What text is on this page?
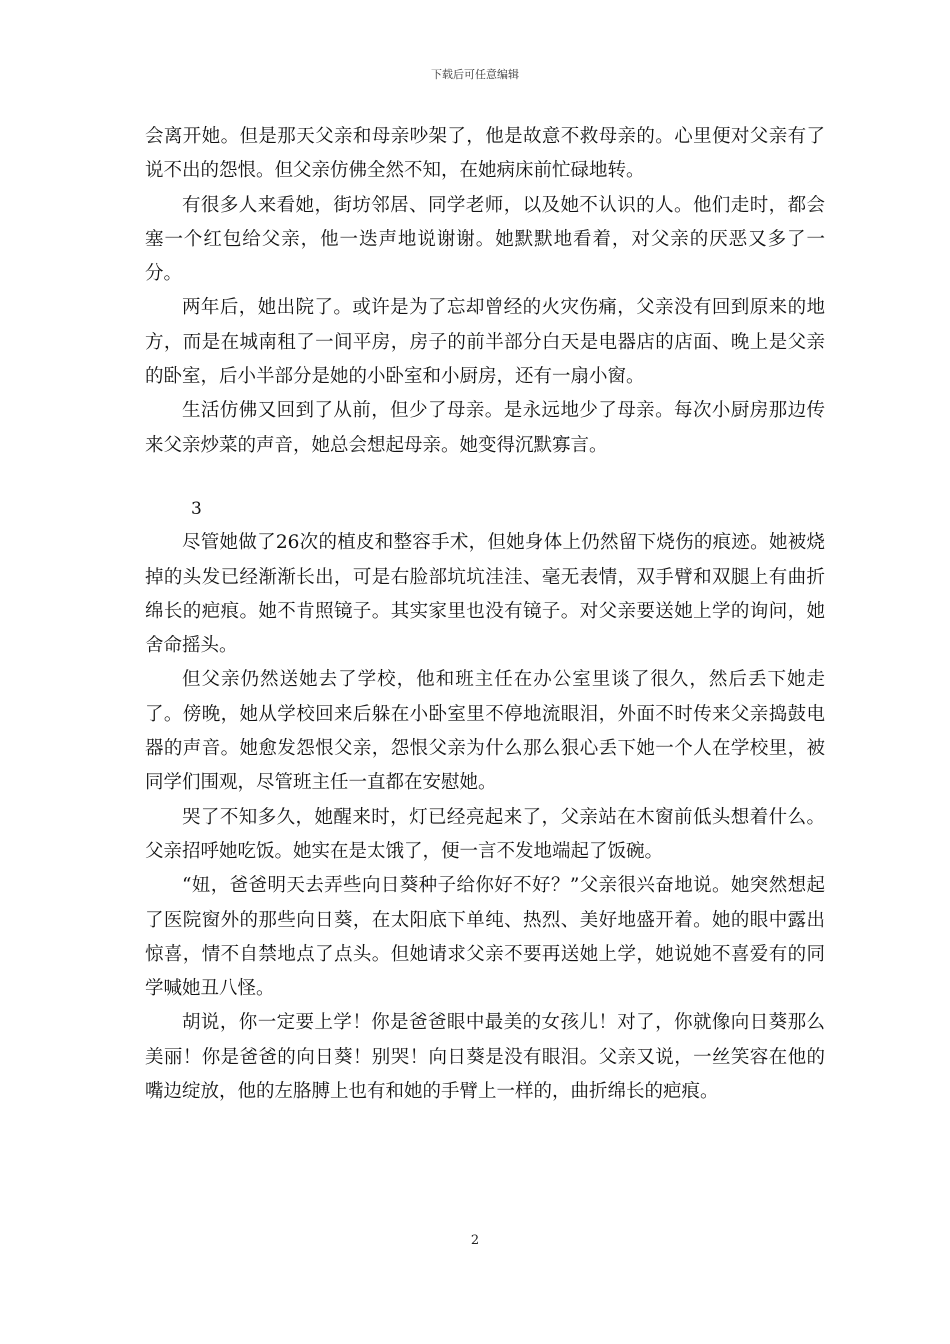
下载后可任意编辑

会离开她。但是那天父亲和母亲吵架了，他是故意不救母亲的。心里便对父亲有了说不出的怨恨。但父亲仿佛全然不知，在她病床前忙碌地转。

有很多人来看她，街坊邻居、同学老师，以及她不认识的人。他们走时，都会塞一个红包给父亲，他一迭声地说谢谢。她默默地看着，对父亲的厌恶又多了一分。

两年后，她出院了。或许是为了忘却曾经的火灾伤痛，父亲没有回到原来的地方，而是在城南租了一间平房，房子的前半部分白天是电器店的店面、晚上是父亲的卧室，后小半部分是她的小卧室和小厨房，还有一扇小窗。

生活仿佛又回到了从前，但少了母亲。是永远地少了母亲。每次小厨房那边传来父亲炒菜的声音，她总会想起母亲。她变得沉默寡言。

3

尽管她做了26次的植皮和整容手术，但她身体上仍然留下烧伤的痕迹。她被烧掉的头发已经渐渐长出，可是右脸部坑坑洼洼、毫无表情，双手臂和双腿上有曲折绵长的疤痕。她不肯照镜子。其实家里也没有镜子。对父亲要送她上学的询问，她舍命摇头。

但父亲仍然送她去了学校，他和班主任在办公室里谈了很久，然后丢下她走了。傍晚，她从学校回来后躲在小卧室里不停地流眼泪，外面不时传来父亲捣鼓电器的声音。她愈发怨恨父亲，怨恨父亲为什么那么狠心丢下她一个人在学校里，被同学们围观，尽管班主任一直都在安慰她。

哭了不知多久，她醒来时，灯已经亮起来了，父亲站在木窗前低头想着什么。父亲招呼她吃饭。她实在是太饿了，便一言不发地端起了饭碗。

“妞，爸爸明天去弄些向日葵种子给你好不好？”父亲很兴奋地说。她突然想起了医院窗外的那些向日葵，在太阳底下单纯、热烈、美好地盛开着。她的眼中露出惊喜，情不自禁地点了点头。但她请求父亲不要再送她上学，她说她不喜爱有的同学喊她丑八怪。

胡说，你一定要上学！你是爸爸眼中最美的女孩儿！对了，你就像向日葵那么美丽！你是爸爸的向日葵！别哭！向日葵是没有眼泪。父亲又说，一丝笑容在他的嘴边绽放，他的左胳膊上也有和她的手臂上一样的，曲折绵长的疤痕。

2
